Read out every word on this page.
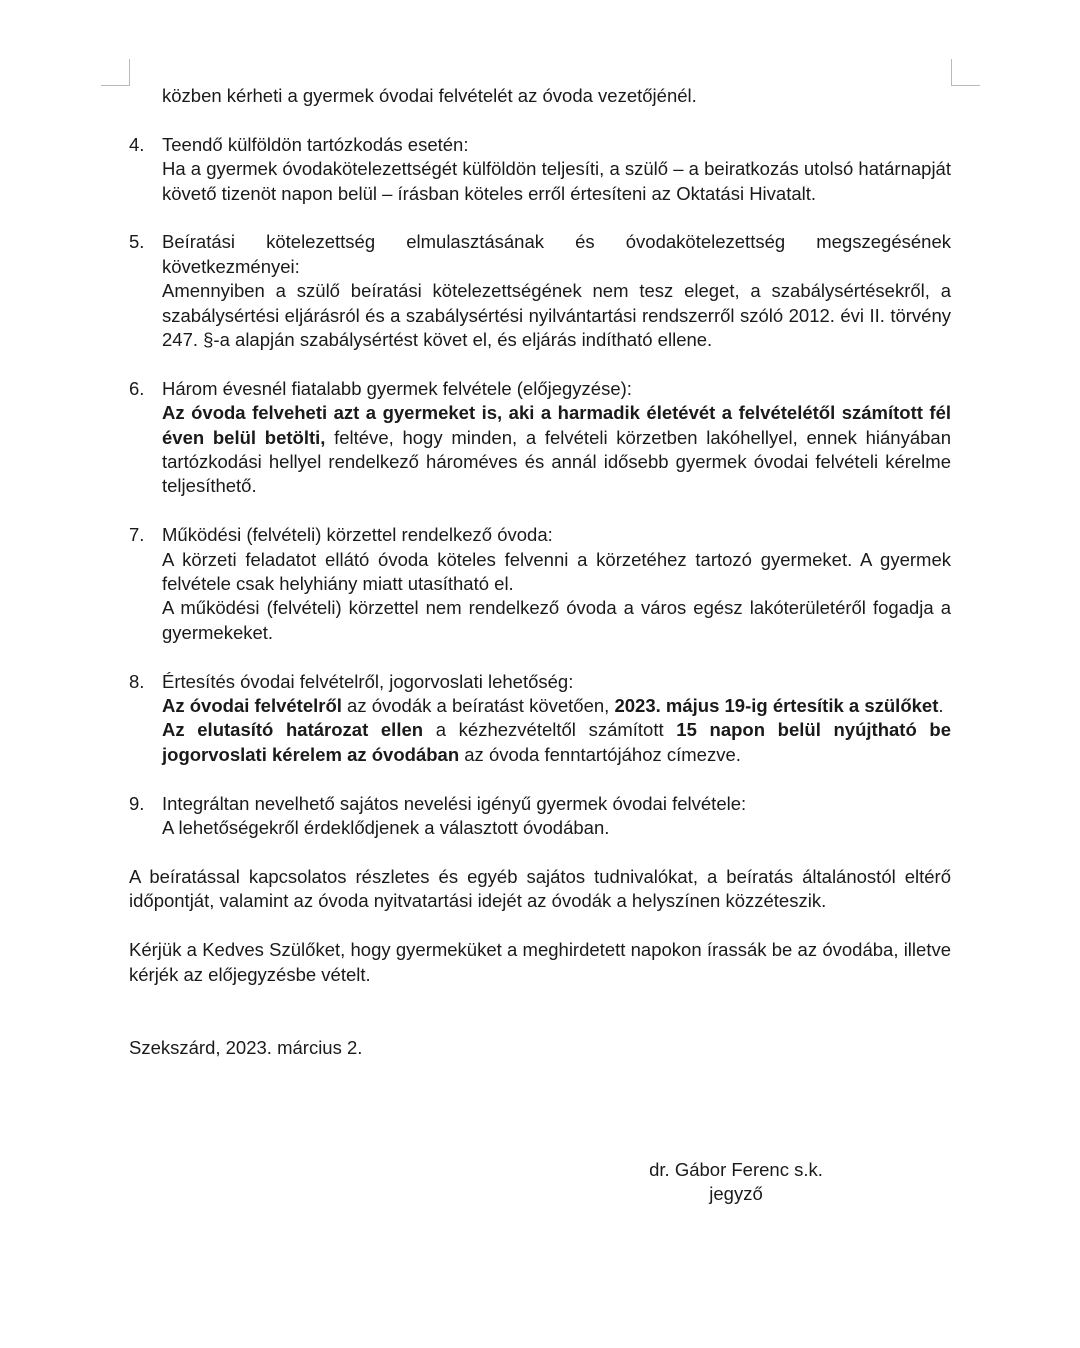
közben kérheti a gyermek óvodai felvételét az óvoda vezetőjénél.

4. Teendő külföldön tartózkodás esetén:
Ha a gyermek óvodakötelezettségét külföldön teljesíti, a szülő – a beiratkozás utolsó határnapját követő tizenöt napon belül – írásban köteles erről értesíteni az Oktatási Hivatalt.
5. Beíratási kötelezettség elmulasztásának és óvodakötelezettség megszegésének következményei:
Amennyiben a szülő beíratási kötelezettségének nem tesz eleget, a szabálysértésekről, a szabálysértési eljárásról és a szabálysértési nyilvántartási rendszerről szóló 2012. évi II. törvény 247. §-a alapján szabálysértést követ el, és eljárás indítható ellene.
6. Három évesnél fiatalabb gyermek felvétele (előjegyzése):
Az óvoda felveheti azt a gyermeket is, aki a harmadik életévét a felvételétől számított fél éven belül betölti, feltéve, hogy minden, a felvételi körzetben lakóhellyel, ennek hiányában tartózkodási hellyel rendelkező hároméves és annál idősebb gyermek óvodai felvételi kérelme teljesíthető.
7. Működési (felvételi) körzettel rendelkező óvoda:
A körzeti feladatot ellátó óvoda köteles felvenni a körzetéhez tartozó gyermeket. A gyermek felvétele csak helyhiány miatt utasítható el.
A működési (felvételi) körzettel nem rendelkező óvoda a város egész lakóterületéről fogadja a gyermekeket.
8. Értesítés óvodai felvételről, jogorvoslati lehetőség:
Az óvodai felvételről az óvodák a beíratást követően, 2023. május 19-ig értesítik a szülőket.
Az elutasító határozat ellen a kézhezvételtől számított 15 napon belül nyújtható be jogorvoslati kérelem az óvodában az óvoda fenntartójához címezve.
9. Integráltan nevelhető sajátos nevelési igényű gyermek óvodai felvétele:
A lehetőségekről érdeklődjenek a választott óvodában.

A beíratással kapcsolatos részletes és egyéb sajátos tudnivalókat, a beíratás általánostól eltérő időpontját, valamint az óvoda nyitvatartási idejét az óvodák a helyszínen közzéteszik.

Kérjük a Kedves Szülőket, hogy gyermeküket a meghirdetett napokon írassák be az óvodába, illetve kérjék az előjegyzésbe vételt.

Szekszárd, 2023. március 2.

dr. Gábor Ferenc s.k.
jegyző
